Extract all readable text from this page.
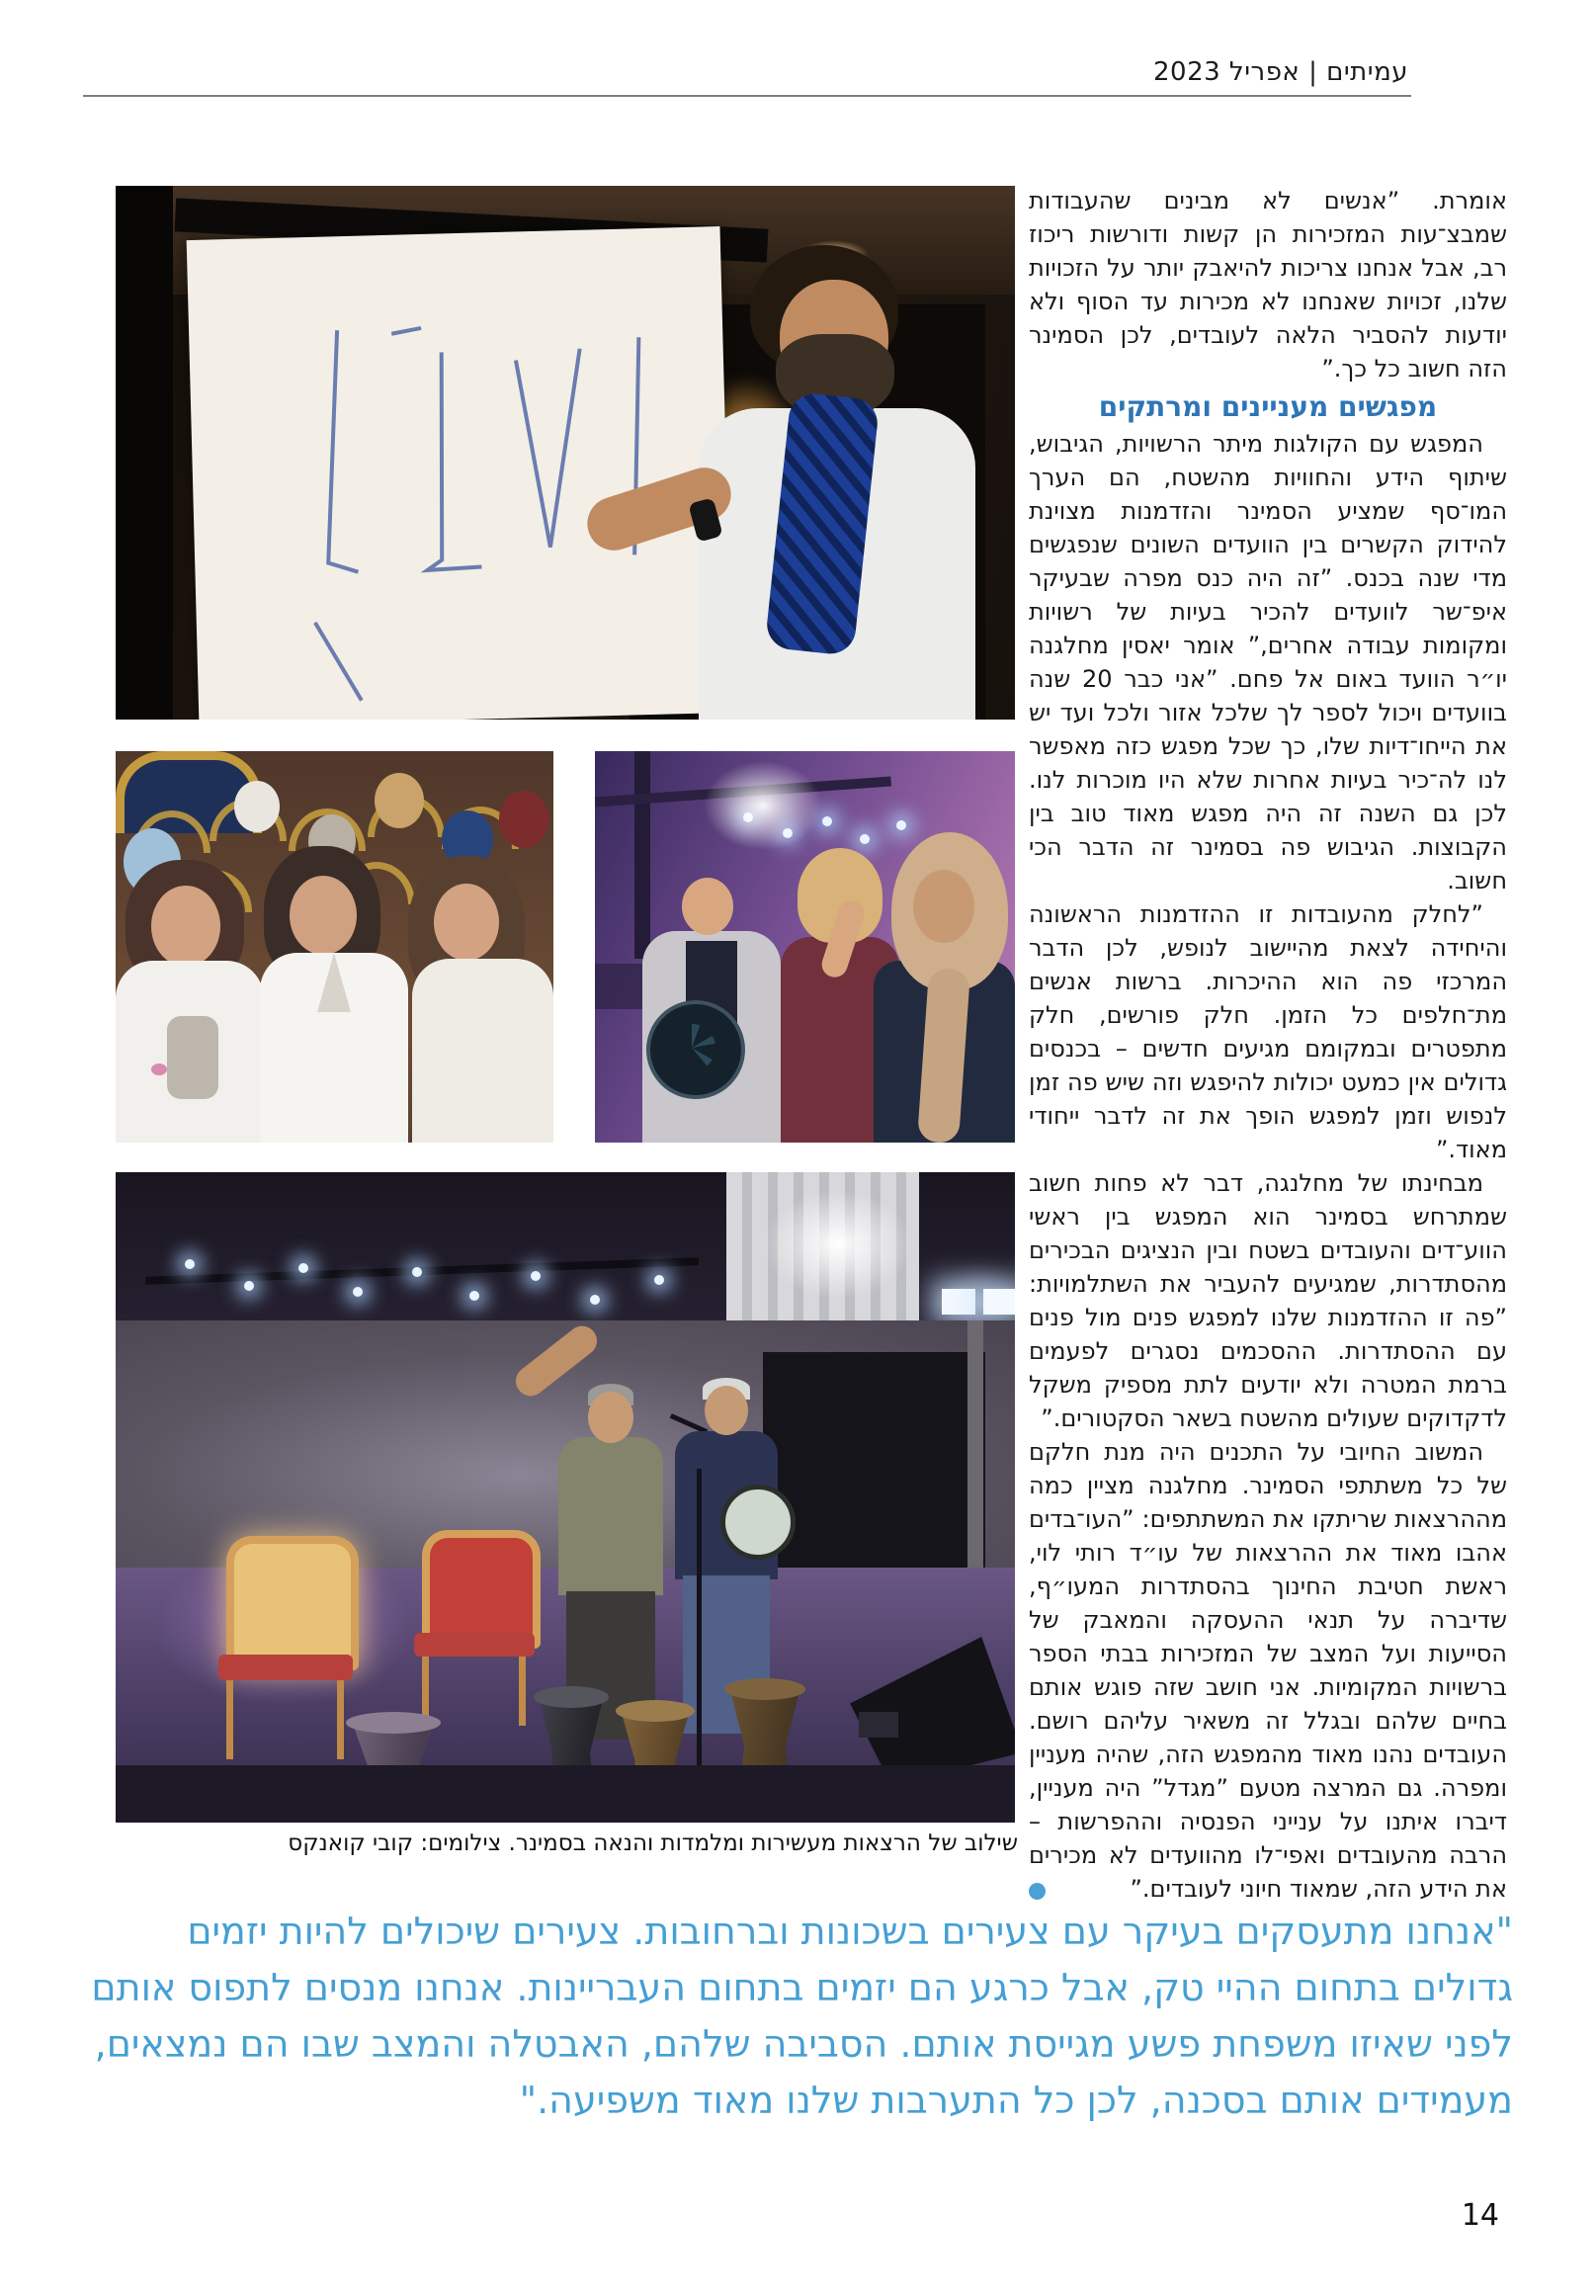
עמיתים | אפריל 2023

אומרת. ”אנשים לא מבינים שהעבודות שמבצ־עות המזכירות הן קשות ודורשות ריכוז רב, אבל אנחנו צריכות להיאבק יותר על הזכויות שלנו, זכויות שאנחנו לא מכירות עד הסוף ולא יודעות להסביר הלאה לעובדים, לכן הסמינר הזה חשוב כל כך.”

מפגשים מעניינים ומרתקים

המפגש עם הקולגות מיתר הרשויות, הגיבוש, שיתוף הידע והחוויות מהשטח, הם הערך המו־סף שמציע הסמינר והזדמנות מצוינת להידוק הקשרים בין הוועדים השונים שנפגשים מדי שנה בכנס. ”זה היה כנס מפרה שבעיקר איפ־שר לוועדים להכיר בעיות של רשויות ומקומות עבודה אחרים,” אומר יאסין מחלגנה יו״ר הוועד באום אל פחם. ”אני כבר 20 שנה בוועדים ויכול לספר לך שלכל אזור ולכל ועד יש את הייחו־דיות שלו, כך שכל מפגש כזה מאפשר לנו לה־כיר בעיות אחרות שלא היו מוכרות לנו. לכן גם השנה זה היה מפגש מאוד טוב בין הקבוצות. הגיבוש פה בסמינר זה הדבר הכי חשוב.

”לחלק מהעובדות זו ההזדמנות הראשונה והיחידה לצאת מהיישוב לנופש, לכן הדבר המרכזי פה הוא ההיכרות. ברשות אנשים מת־חלפים כל הזמן. חלק פורשים, חלק מתפטרים ובמקומם מגיעים חדשים – בכנסים גדולים אין כמעט יכולות להיפגש וזה שיש פה זמן לנפוש וזמן למפגש הופך את זה לדבר ייחודי מאוד.”

מבחינתו של מחלנגה, דבר לא פחות חשוב שמתרחש בסמינר הוא המפגש בין ראשי הווע־דים והעובדים בשטח ובין הנציגים הבכירים מהסתדרות, שמגיעים להעביר את השתלמויות: ”פה זו ההזדמנות שלנו למפגש פנים מול פנים עם ההסתדרות. ההסכמים נסגרים לפעמים ברמת המטרה ולא יודעים לתת מספיק משקל לדקדוקים שעולים מהשטח בשאר הסקטורים.”

המשוב החיובי על התכנים היה מנת חלקם של כל משתתפי הסמינר. מחלגנה מציין כמה מההרצאות שריתקו את המשתתפים: ”העו־בדים אהבו מאוד את ההרצאות של עו״ד רותי לוי, ראשת חטיבת החינוך בהסתדרות המעו״ף, שדיברה על תנאי ההעסקה והמאבק של הסייעות ועל המצב של המזכירות בבתי הספר ברשויות המקומיות. אני חושב שזה פוגש אותם בחיים שלהם ובגלל זה משאיר עליהם רושם. העובדים נהנו מאוד מהמפגש הזה, שהיה מעניין ומפרה. גם המרצה מטעם ”מגדל” היה מעניין, דיברו איתנו על ענייני הפנסיה וההפרשות – הרבה מהעובדים ואפי־לו מהוועדים לא מכירים את הידע הזה, שמאוד חיוני לעובדים.”

שילוב של הרצאות מעשירות ומלמדות והנאה בסמינר. צילומים: קובי קואנקס
"אנחנו מתעסקים בעיקר עם צעירים בשכונות וברחובות. צעירים שיכולים להיות יזמים גדולים בתחום ההיי טק, אבל כרגע הם יזמים בתחום העבריינות. אנחנו מנסים לתפוס אותם לפני שאיזו משפחת פשע מגייסת אותם. הסביבה שלהם, האבטלה והמצב שבו הם נמצאים, מעמידים אותם בסכנה, לכן כל התערבות שלנו מאוד משפיעה."
14
